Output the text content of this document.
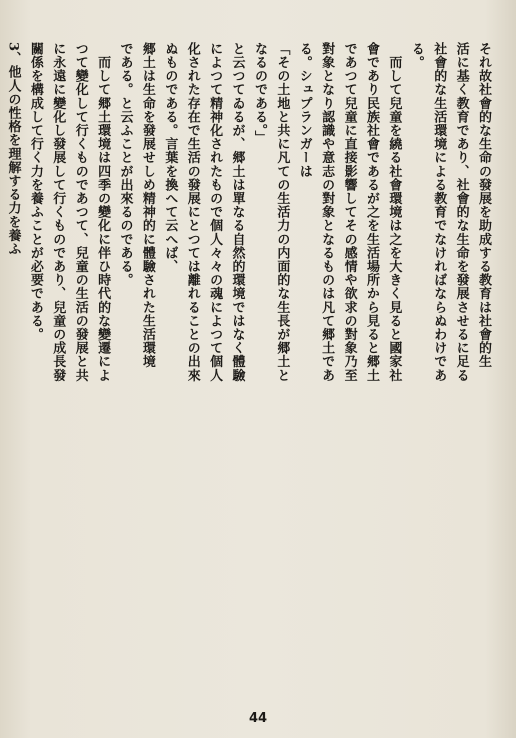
それ故社會的な生命の發展を助成する教育は社會的生
活に基く教育であり、社會的な生命を發展させるに足る
社會的な生活環境による教育でなければならぬわけであ
る。
　而して兒童を繞る社會環境は之を大きく見ると國家社
會であり民族社會であるが之を生活場所から見ると郷土
であつて兒童に直接影響してその感情や欲求の對象乃至
對象となり認識や意志の對象となるものは凡て郷土であ
る。シュプランガーは
「その土地と共に凡ての生活力の内面的な生長が郷土と
なるのである。」
と云つてゐるが、郷土は單なる自然的環境ではなく體驗
によつて精神化されたもので個人々々の魂によつて個人
化された存在で生活の發展にとつては離れることの出來
ぬものである。言葉を換へて云へば、
郷土は生命を發展せしめ精神的に體驗された生活環境
である。と云ふことが出來るのである。
　而して郷土環境は四季の變化に伴ひ時代的な變遷によ
つて變化して行くものであつて、兒童の生活の發展と共
に永遠に變化し發展して行くものであり、兒童の成長發
關係を構成して行く力を養ふことが必要である。
3、他人の性格を理解する力を養ふ
44
